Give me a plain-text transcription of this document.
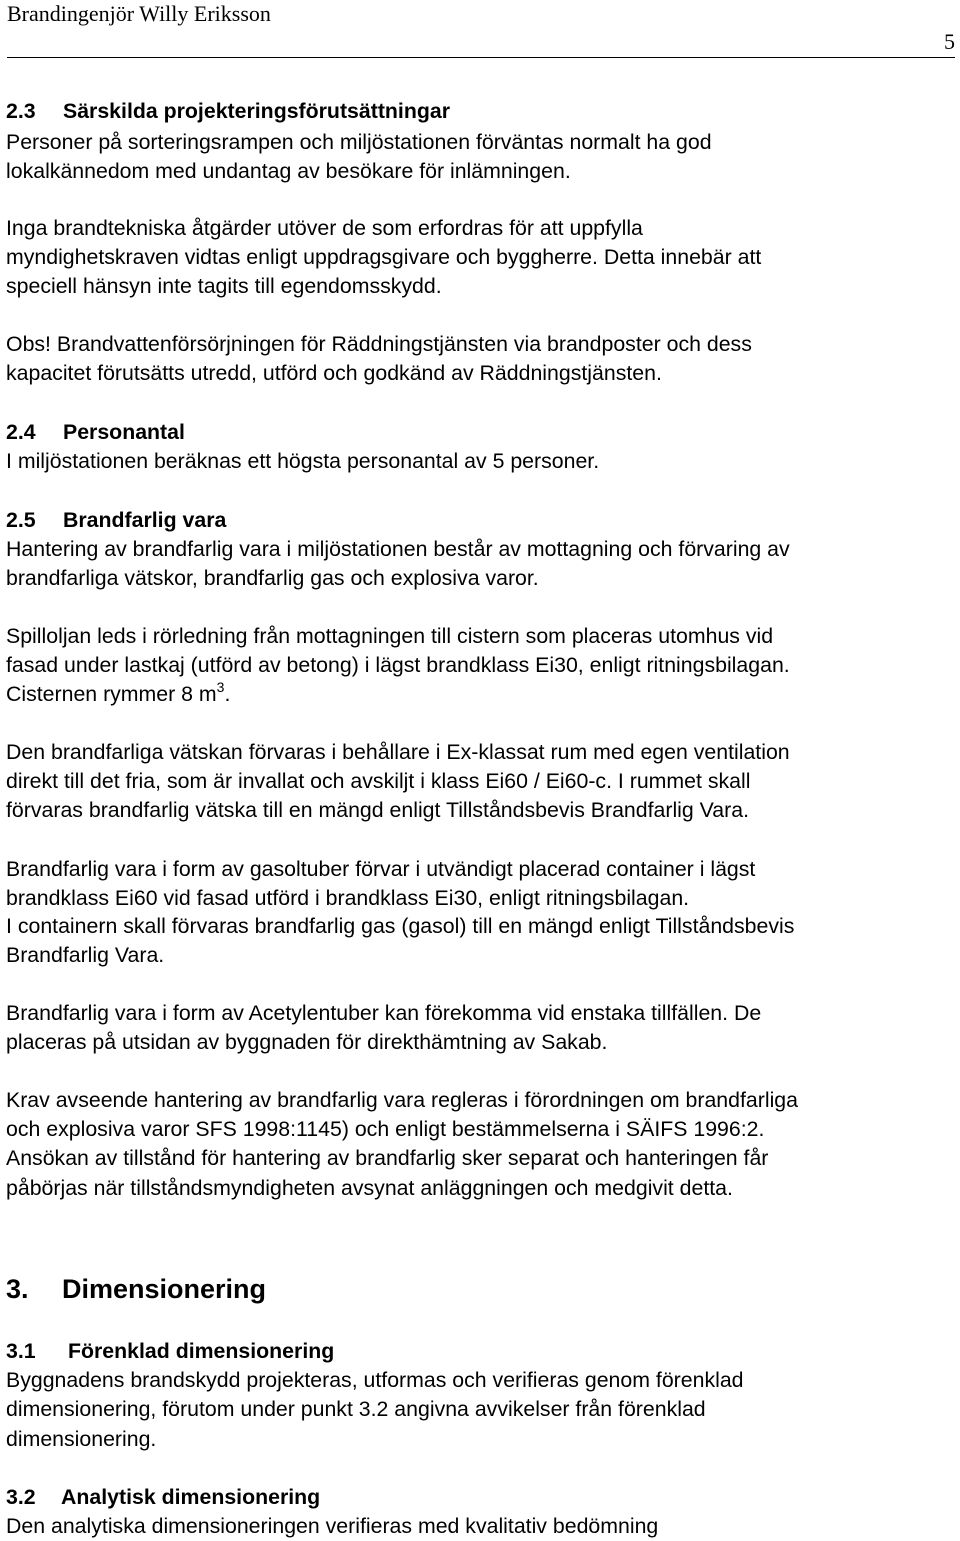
Brandingenjör Willy Eriksson
5
2.3 Särskilda projekteringsförutsättningar
Personer på sorteringsrampen och miljöstationen förväntas normalt ha god
lokalkännedom med undantag av besökare för inlämningen.
Inga brandtekniska åtgärder utöver de som erfordras för att uppfylla
myndighetskraven vidtas enligt uppdragsgivare och byggherre. Detta innebär att
speciell hänsyn inte tagits till egendomsskydd.
Obs! Brandvattenförsörjningen för Räddningstjänsten via brandposter och dess
kapacitet förutsätts utredd, utförd och godkänd av Räddningstjänsten.
2.4 Personantal
I miljöstationen beräknas ett högsta personantal av 5 personer.
2.5 Brandfarlig vara
Hantering av brandfarlig vara i miljöstationen består av mottagning och förvaring av
brandfarliga vätskor, brandfarlig gas och explosiva varor.
Spilloljan leds i rörledning från mottagningen till cistern som placeras utomhus vid
fasad under lastkaj (utförd av betong) i lägst brandklass Ei30, enligt ritningsbilagan.
Cisternen rymmer 8 $m^3$.
Den brandfarliga vätskan förvaras i behållare i Ex-klassat rum med egen ventilation
direkt till det fria, som är invallat och avskiljt i klass Ei60 / Ei60-c. I rummet skall
förvaras brandfarlig vätska till en mängd enligt Tillståndsbevis Brandfarlig Vara.
Brandfarlig vara i form av gasoltuber förvar i utvändigt placerad container i lägst
brandklass Ei60 vid fasad utförd i brandklass Ei30, enligt ritningsbilagan.
I containern skall förvaras brandfarlig gas (gasol) till en mängd enligt Tillståndsbevis
Brandfarlig Vara.
Brandfarlig vara i form av Acetylentuber kan förekomma vid enstaka tillfällen. De
placeras på utsidan av byggnaden för direkthämtning av Sakab.
Krav avseende hantering av brandfarlig vara regleras i förordningen om brandfarliga
och explosiva varor SFS 1998:1145) och enligt bestämmelserna i SÄIFS 1996:2.
Ansökan av tillstånd för hantering av brandfarlig sker separat och hanteringen får
påbörjas när tillståndsmyndigheten avsynat anläggningen och medgivit detta.
3. Dimensionering
3.1 Förenklad dimensionering
Byggnadens brandskydd projekteras, utformas och verifieras genom förenklad
dimensionering, förutom under punkt 3.2 angivna avvikelser från förenklad
dimensionering.
3.2 Analytisk dimensionering
Den analytiska dimensioneringen verifieras med kvalitativ bedömning
